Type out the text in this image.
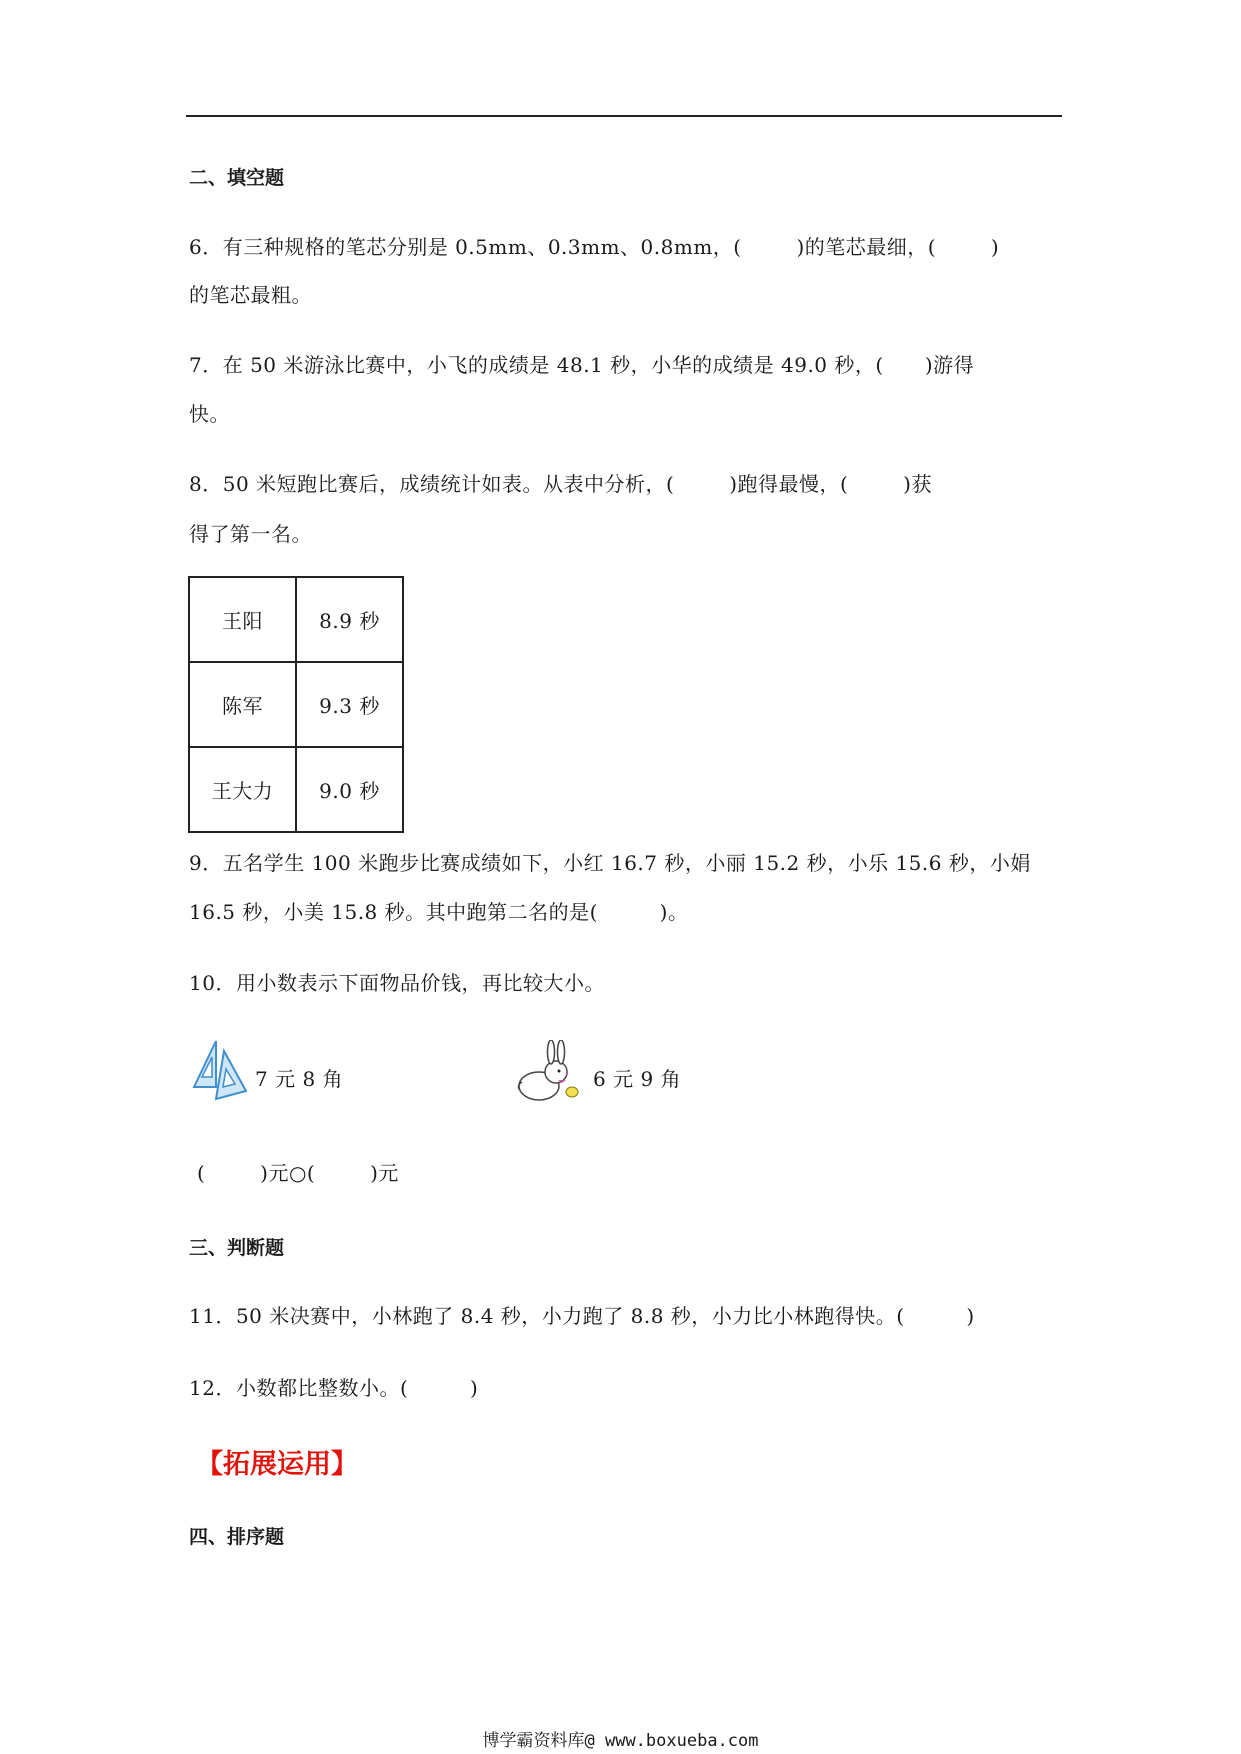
二、填空题
6．有三种规格的笔芯分别是 0.5mm、0.3mm、0.8mm，(        )的笔芯最细，(        )
的笔芯最粗。
7．在 50 米游泳比赛中，小飞的成绩是 48.1 秒，小华的成绩是 49.0 秒，(      )游得
快。
8．50 米短跑比赛后，成绩统计如表。从表中分析，(        )跑得最慢，(        )获
得了第一名。
王阳	8.9 秒
陈军	9.3 秒
王大力	9.0 秒
9．五名学生 100 米跑步比赛成绩如下，小红 16.7 秒，小丽 15.2 秒，小乐 15.6 秒，小娟
16.5 秒，小美 15.8 秒。其中跑第二名的是(         )。
10．用小数表示下面物品价钱，再比较大小。
7 元 8 角	6 元 9 角
(        )元○(        )元
三、判断题
11．50 米决赛中，小林跑了 8.4 秒，小力跑了 8.8 秒，小力比小林跑得快。(         )
12．小数都比整数小。(         )
【拓展运用】
四、排序题
博学霸资料库@ www.boxueba.com
